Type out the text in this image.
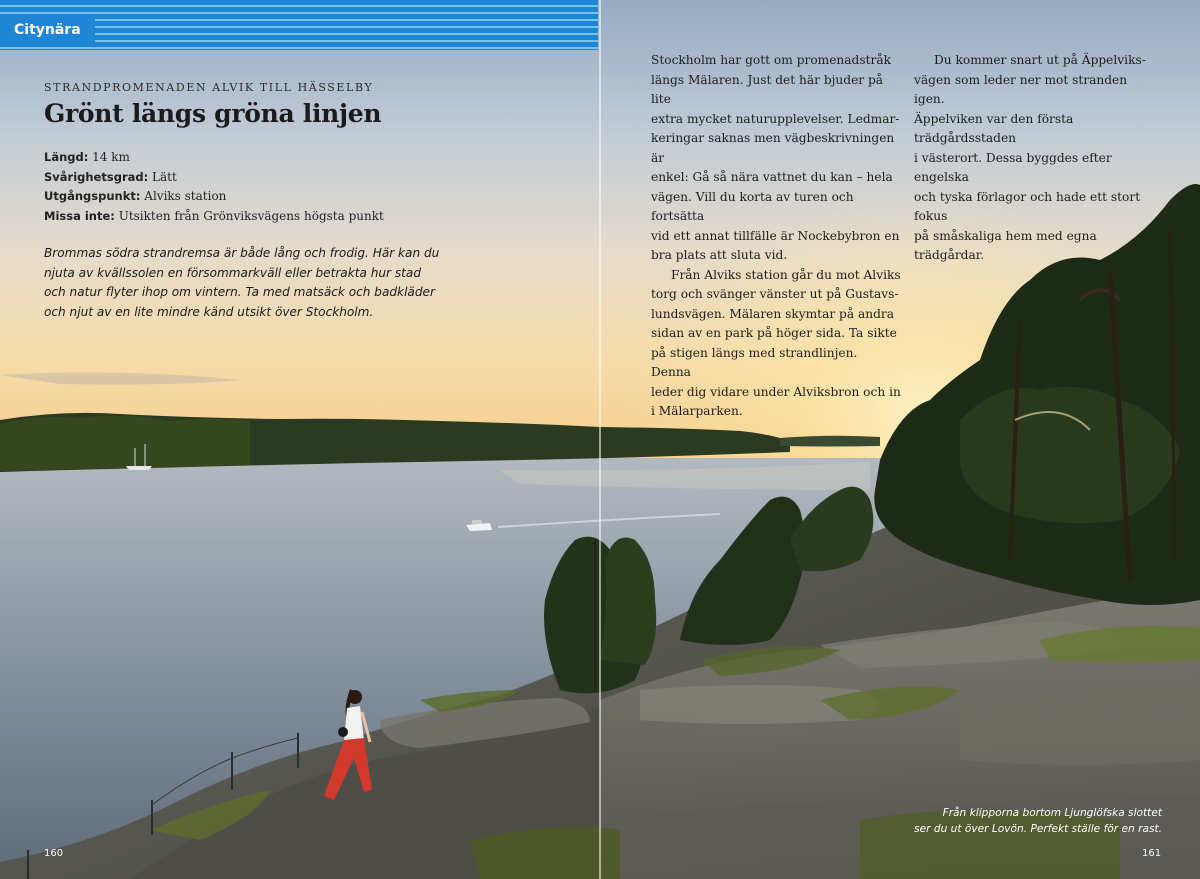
Citynära
STRANDPROMENADEN ALVIK TILL HÄSSELBY
Grönt längs gröna linjen
Längd: 14 km
Svårighetsgrad: Lätt
Utgångspunkt: Alviks station
Missa inte: Utsikten från Grönviksvägens högsta punkt

Brommas södra strandremsa är både lång och frodig. Här kan du
njuta av kvällssolen en försommarkväll eller betrakta hur stad
och natur flyter ihop om vintern. Ta med matsäck och badkläder
och njut av en lite mindre känd utsikt över Stockholm.

Stockholm har gott om promenadstråk
längs Mälaren. Just det här bjuder på lite
extra mycket naturupplevelser. Ledmar-
keringar saknas men vägbeskrivningen är
enkel: Gå så nära vattnet du kan – hela
vägen. Vill du korta av turen och fortsätta
vid ett annat tillfälle är Nockebybron en
bra plats att sluta vid.

Från Alviks station går du mot Alviks
torg och svänger vänster ut på Gustavs-
lundsvägen. Mälaren skymtar på andra
sidan av en park på höger sida. Ta sikte
på stigen längs med strandlinjen. Denna
leder dig vidare under Alviksbron och in
i Mälarparken.

Du kommer snart ut på Äppelviks-
vägen som leder ner mot stranden igen.
Äppelviken var den första trädgårdsstaden
i västerort. Dessa byggdes efter engelska
och tyska förlagor och hade ett stort fokus
på småskaliga hem med egna trädgårdar.

Från klipporna bortom Ljunglöfska slottet
ser du ut över Lovön. Perfekt ställe för en rast.

160	161
